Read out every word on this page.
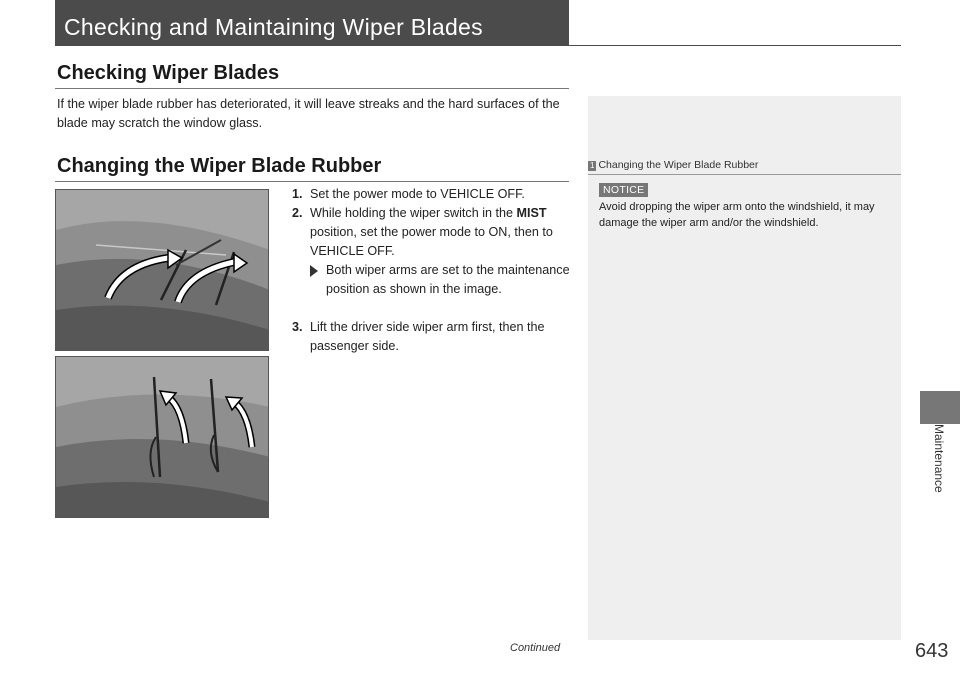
Checking and Maintaining Wiper Blades
Checking Wiper Blades
If the wiper blade rubber has deteriorated, it will leave streaks and the hard surfaces of the blade may scratch the window glass.
Changing the Wiper Blade Rubber	1 Changing the Wiper Blade Rubber
NOTICE
Avoid dropping the wiper arm onto the windshield, it may damage the wiper arm and/or the windshield.
1. Set the power mode to VEHICLE OFF.
2. While holding the wiper switch in the MIST position, set the power mode to ON, then to VEHICLE OFF.
Both wiper arms are set to the maintenance position as shown in the image.
3. Lift the driver side wiper arm first, then the passenger side.
Maintenance
Continued	643
